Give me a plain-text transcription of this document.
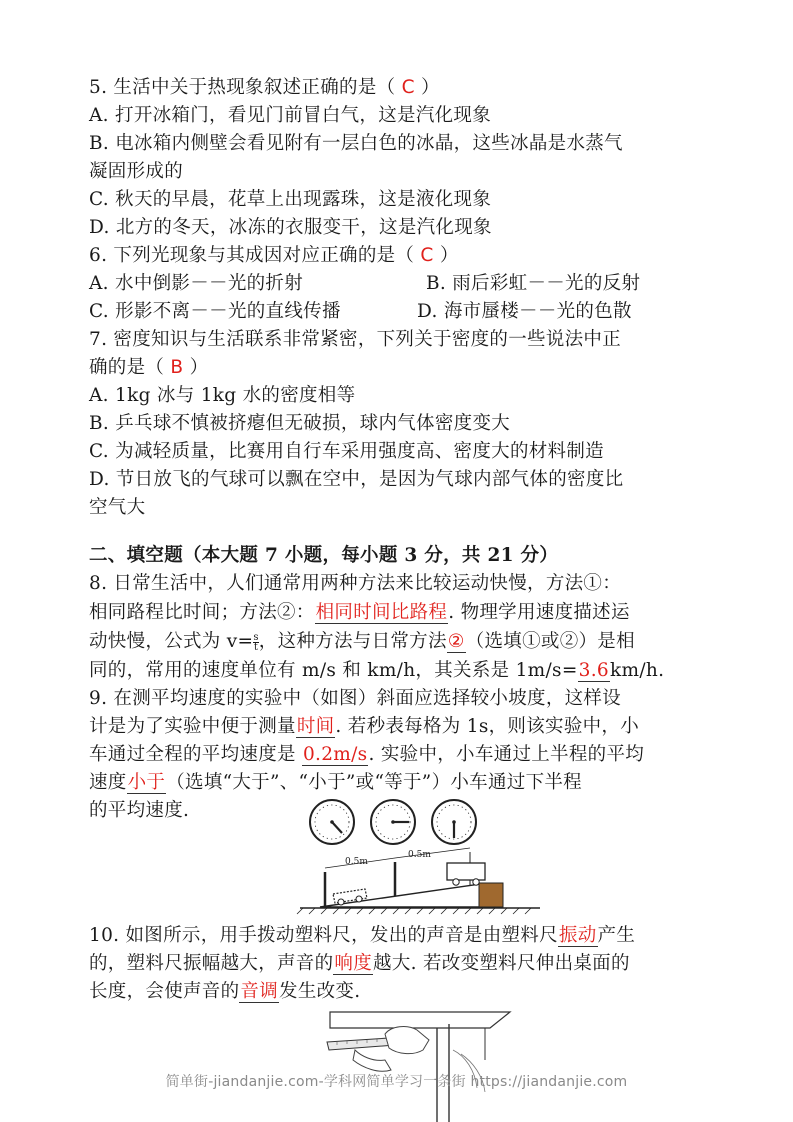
5. 生活中关于热现象叙述正确的是（ C ）
A. 打开冰箱门，看见门前冒白气，这是汽化现象
B. 电冰箱内侧壁会看见附有一层白色的冰晶，这些冰晶是水蒸气
凝固形成的
C. 秋天的早晨，花草上出现露珠，这是液化现象
D. 北方的冬天，冰冻的衣服变干，这是汽化现象
6. 下列光现象与其成因对应正确的是（ C ）
A. 水中倒影－－光的折射	B. 雨后彩虹－－光的反射
C. 形影不离－－光的直线传播	D. 海市蜃楼－－光的色散
7. 密度知识与生活联系非常紧密，下列关于密度的一些说法中正
确的是（ B ）
A. 1kg 冰与 1kg 水的密度相等
B. 乒乓球不慎被挤瘪但无破损，球内气体密度变大
C. 为减轻质量，比赛用自行车采用强度高、密度大的材料制造
D. 节日放飞的气球可以飘在空中，是因为气球内部气体的密度比
空气大
二、填空题（本大题 7 小题，每小题 3 分，共 21 分）
8. 日常生活中，人们通常用两种方法来比较运动快慢，方法①：
相同路程比时间；方法②：相同时间比路程. 物理学用速度描述运
动快慢，公式为 $v= \frac{s}{t}$ ，这种方法与日常方法②（选填①或②）是相
同的，常用的速度单位有 m/s 和 km/h，其关系是 1m/s=3.6km/h.
9. 在测平均速度的实验中（如图）斜面应选择较小坡度，这样设
计是为了实验中便于测量时间. 若秒表每格为 1s，则该实验中，小
车通过全程的平均速度是 0.2m/s. 实验中，小车通过上半程的平均
速度小于（选填“大于”、“小于”或“等于”）小车通过下半程
的平均速度.
0.5m
0.5m
10. 如图所示，用手拨动塑料尺，发出的声音是由塑料尺振动产生
的，塑料尺振幅越大，声音的响度越大. 若改变塑料尺伸出桌面的
长度，会使声音的音调发生改变.
简单街-jiandanjie.com-学科网简单学习一条街 https://jiandanjie.com
